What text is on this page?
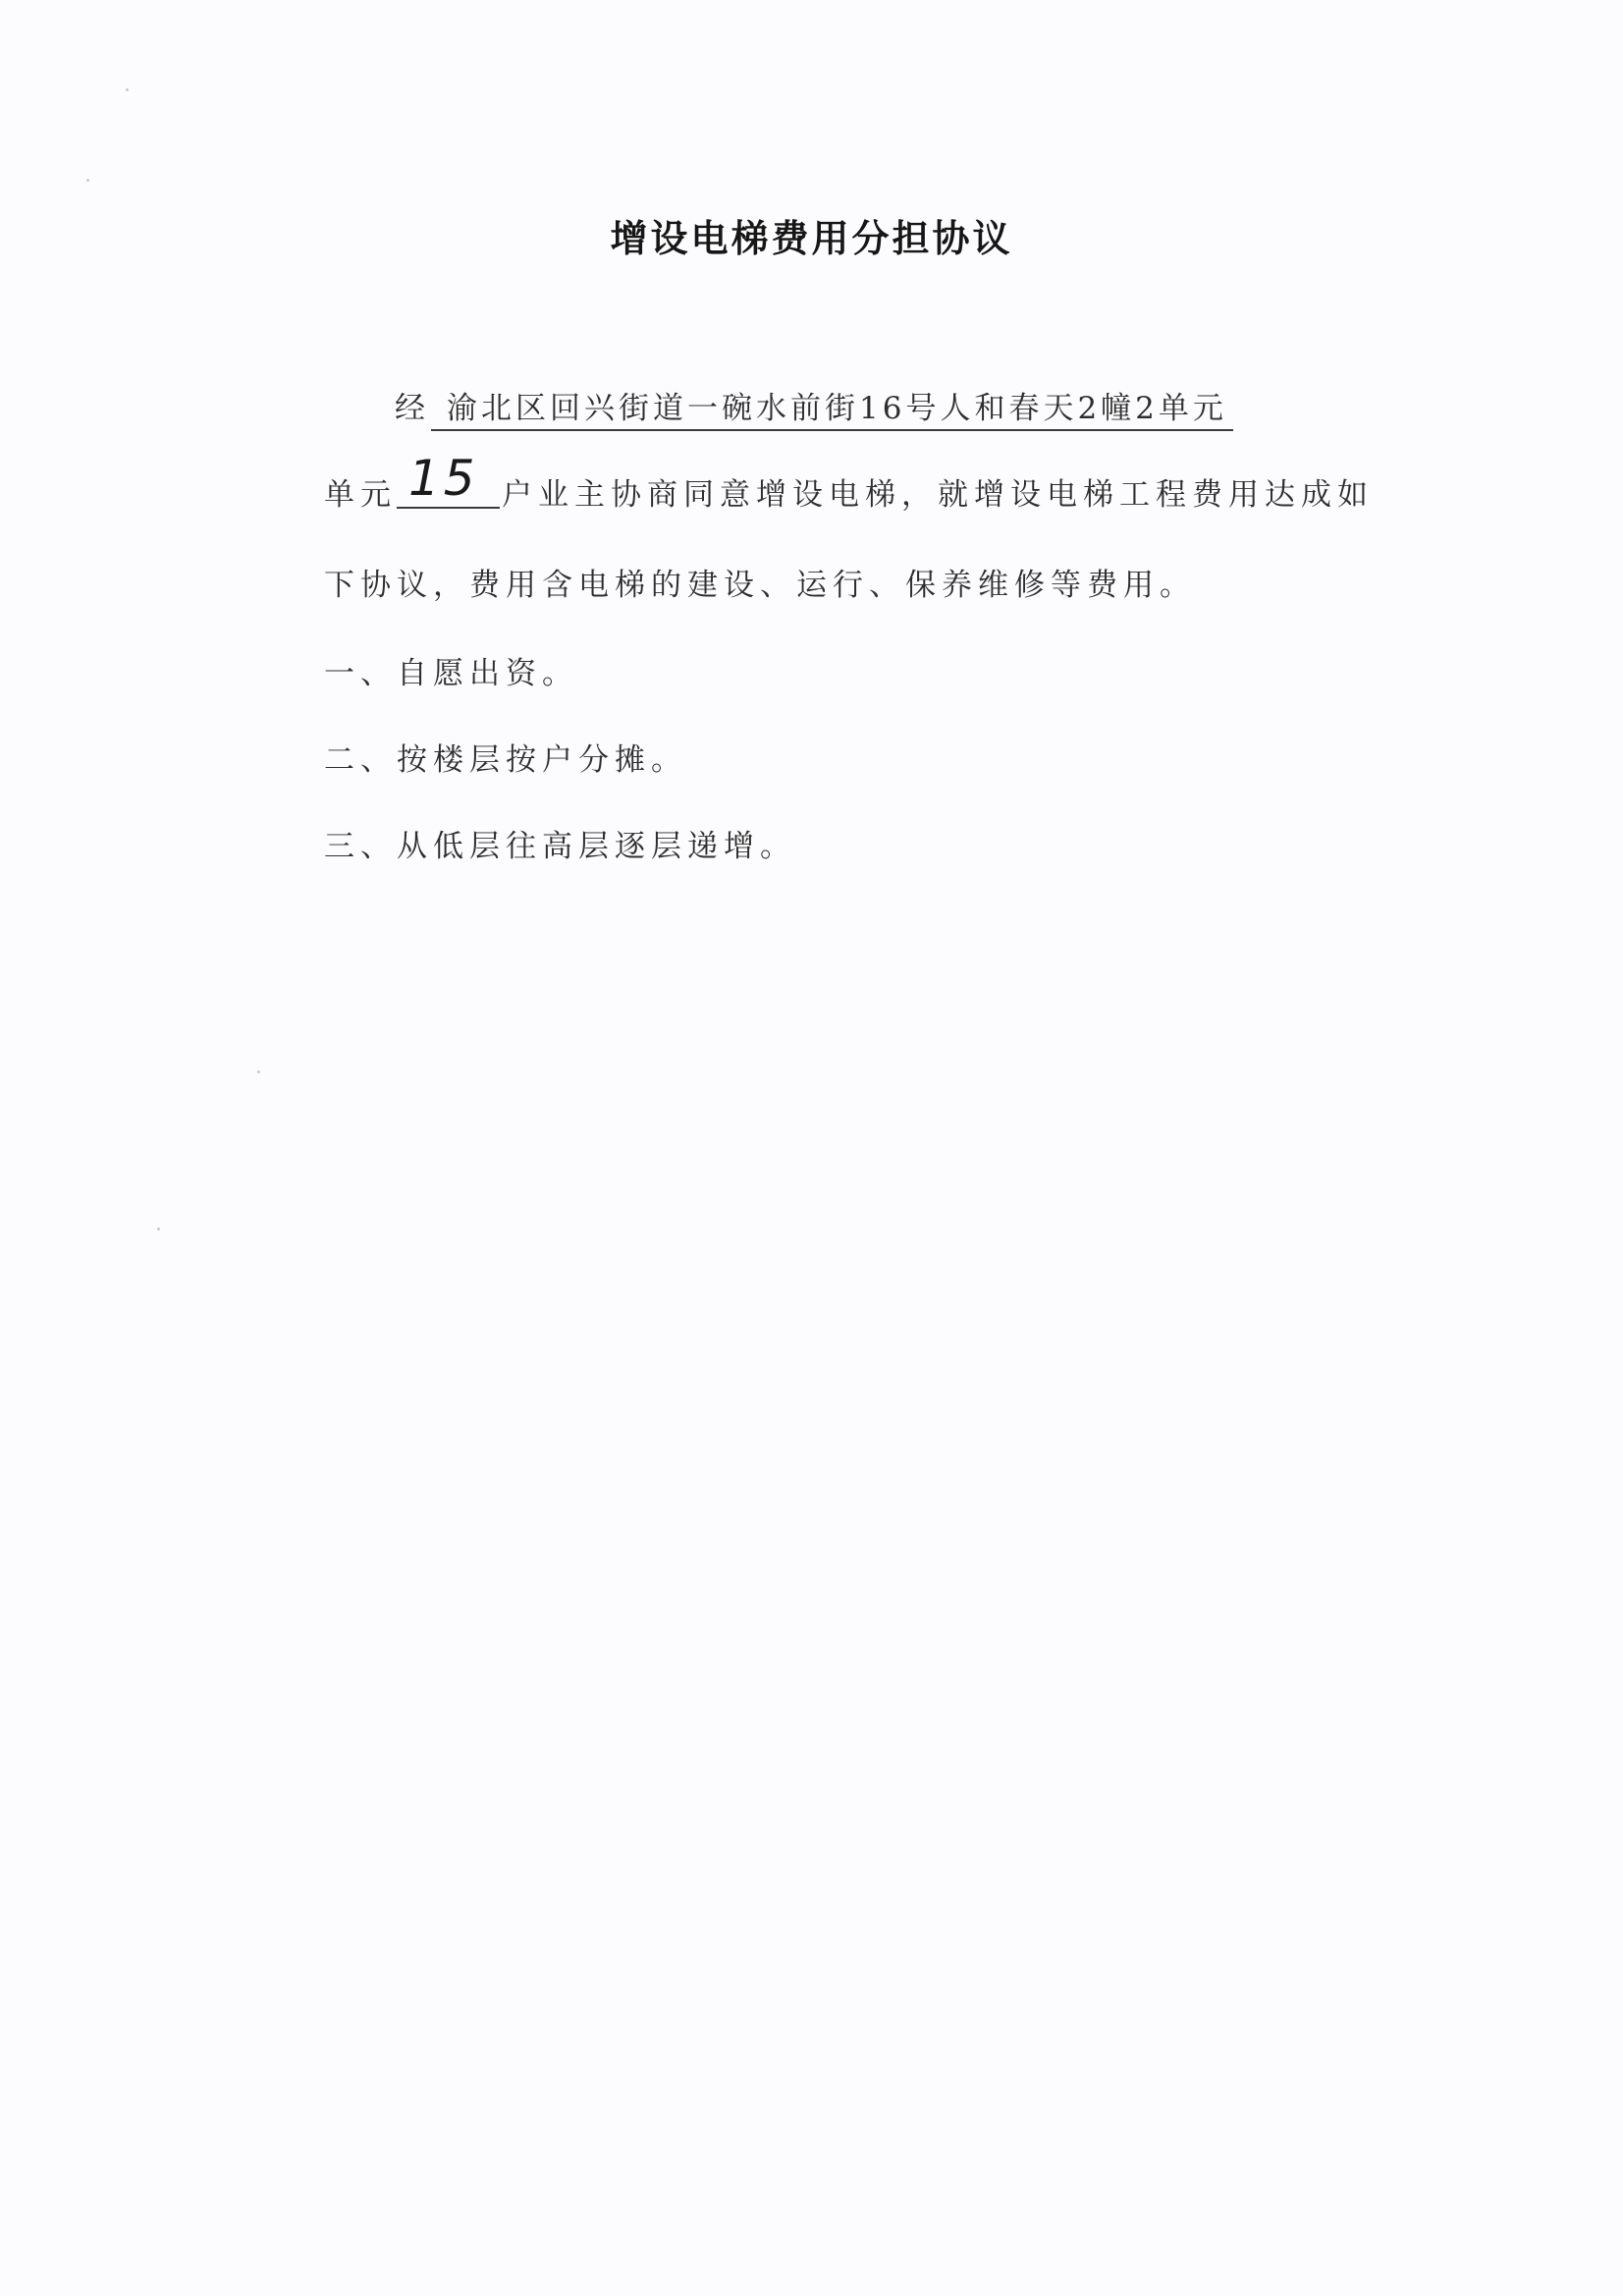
增设电梯费用分担协议
经 渝北区回兴街道一碗水前街16号人和春天2幢2单元
单元 15 户业主协商同意增设电梯，就增设电梯工程费用达成如
下协议，费用含电梯的建设、运行、保养维修等费用。
一、自愿出资。
二、按楼层按户分摊。
三、从低层往高层逐层递增。
